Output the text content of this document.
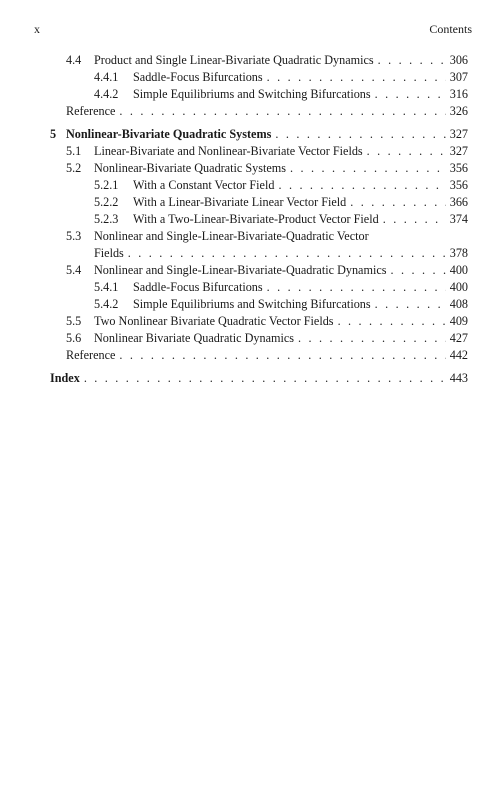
x	Contents
4.4 Product and Single Linear-Bivariate Quadratic Dynamics . . .	306
4.4.1 Saddle-Focus Bifurcations . . .	307
4.4.2 Simple Equilibriums and Switching Bifurcations . . .	316
Reference . . .	326
5 Nonlinear-Bivariate Quadratic Systems . . .	327
5.1 Linear-Bivariate and Nonlinear-Bivariate Vector Fields . . .	327
5.2 Nonlinear-Bivariate Quadratic Systems . . .	356
5.2.1 With a Constant Vector Field . . .	356
5.2.2 With a Linear-Bivariate Linear Vector Field . . .	366
5.2.3 With a Two-Linear-Bivariate-Product Vector Field . . .	374
5.3 Nonlinear and Single-Linear-Bivariate-Quadratic Vector
Fields . . .	378
5.4 Nonlinear and Single-Linear-Bivariate-Quadratic Dynamics . . .	400
5.4.1 Saddle-Focus Bifurcations . . .	400
5.4.2 Simple Equilibriums and Switching Bifurcations . . .	408
5.5 Two Nonlinear Bivariate Quadratic Vector Fields . . .	409
5.6 Nonlinear Bivariate Quadratic Dynamics . . .	427
Reference . . .	442
Index . . .	443
